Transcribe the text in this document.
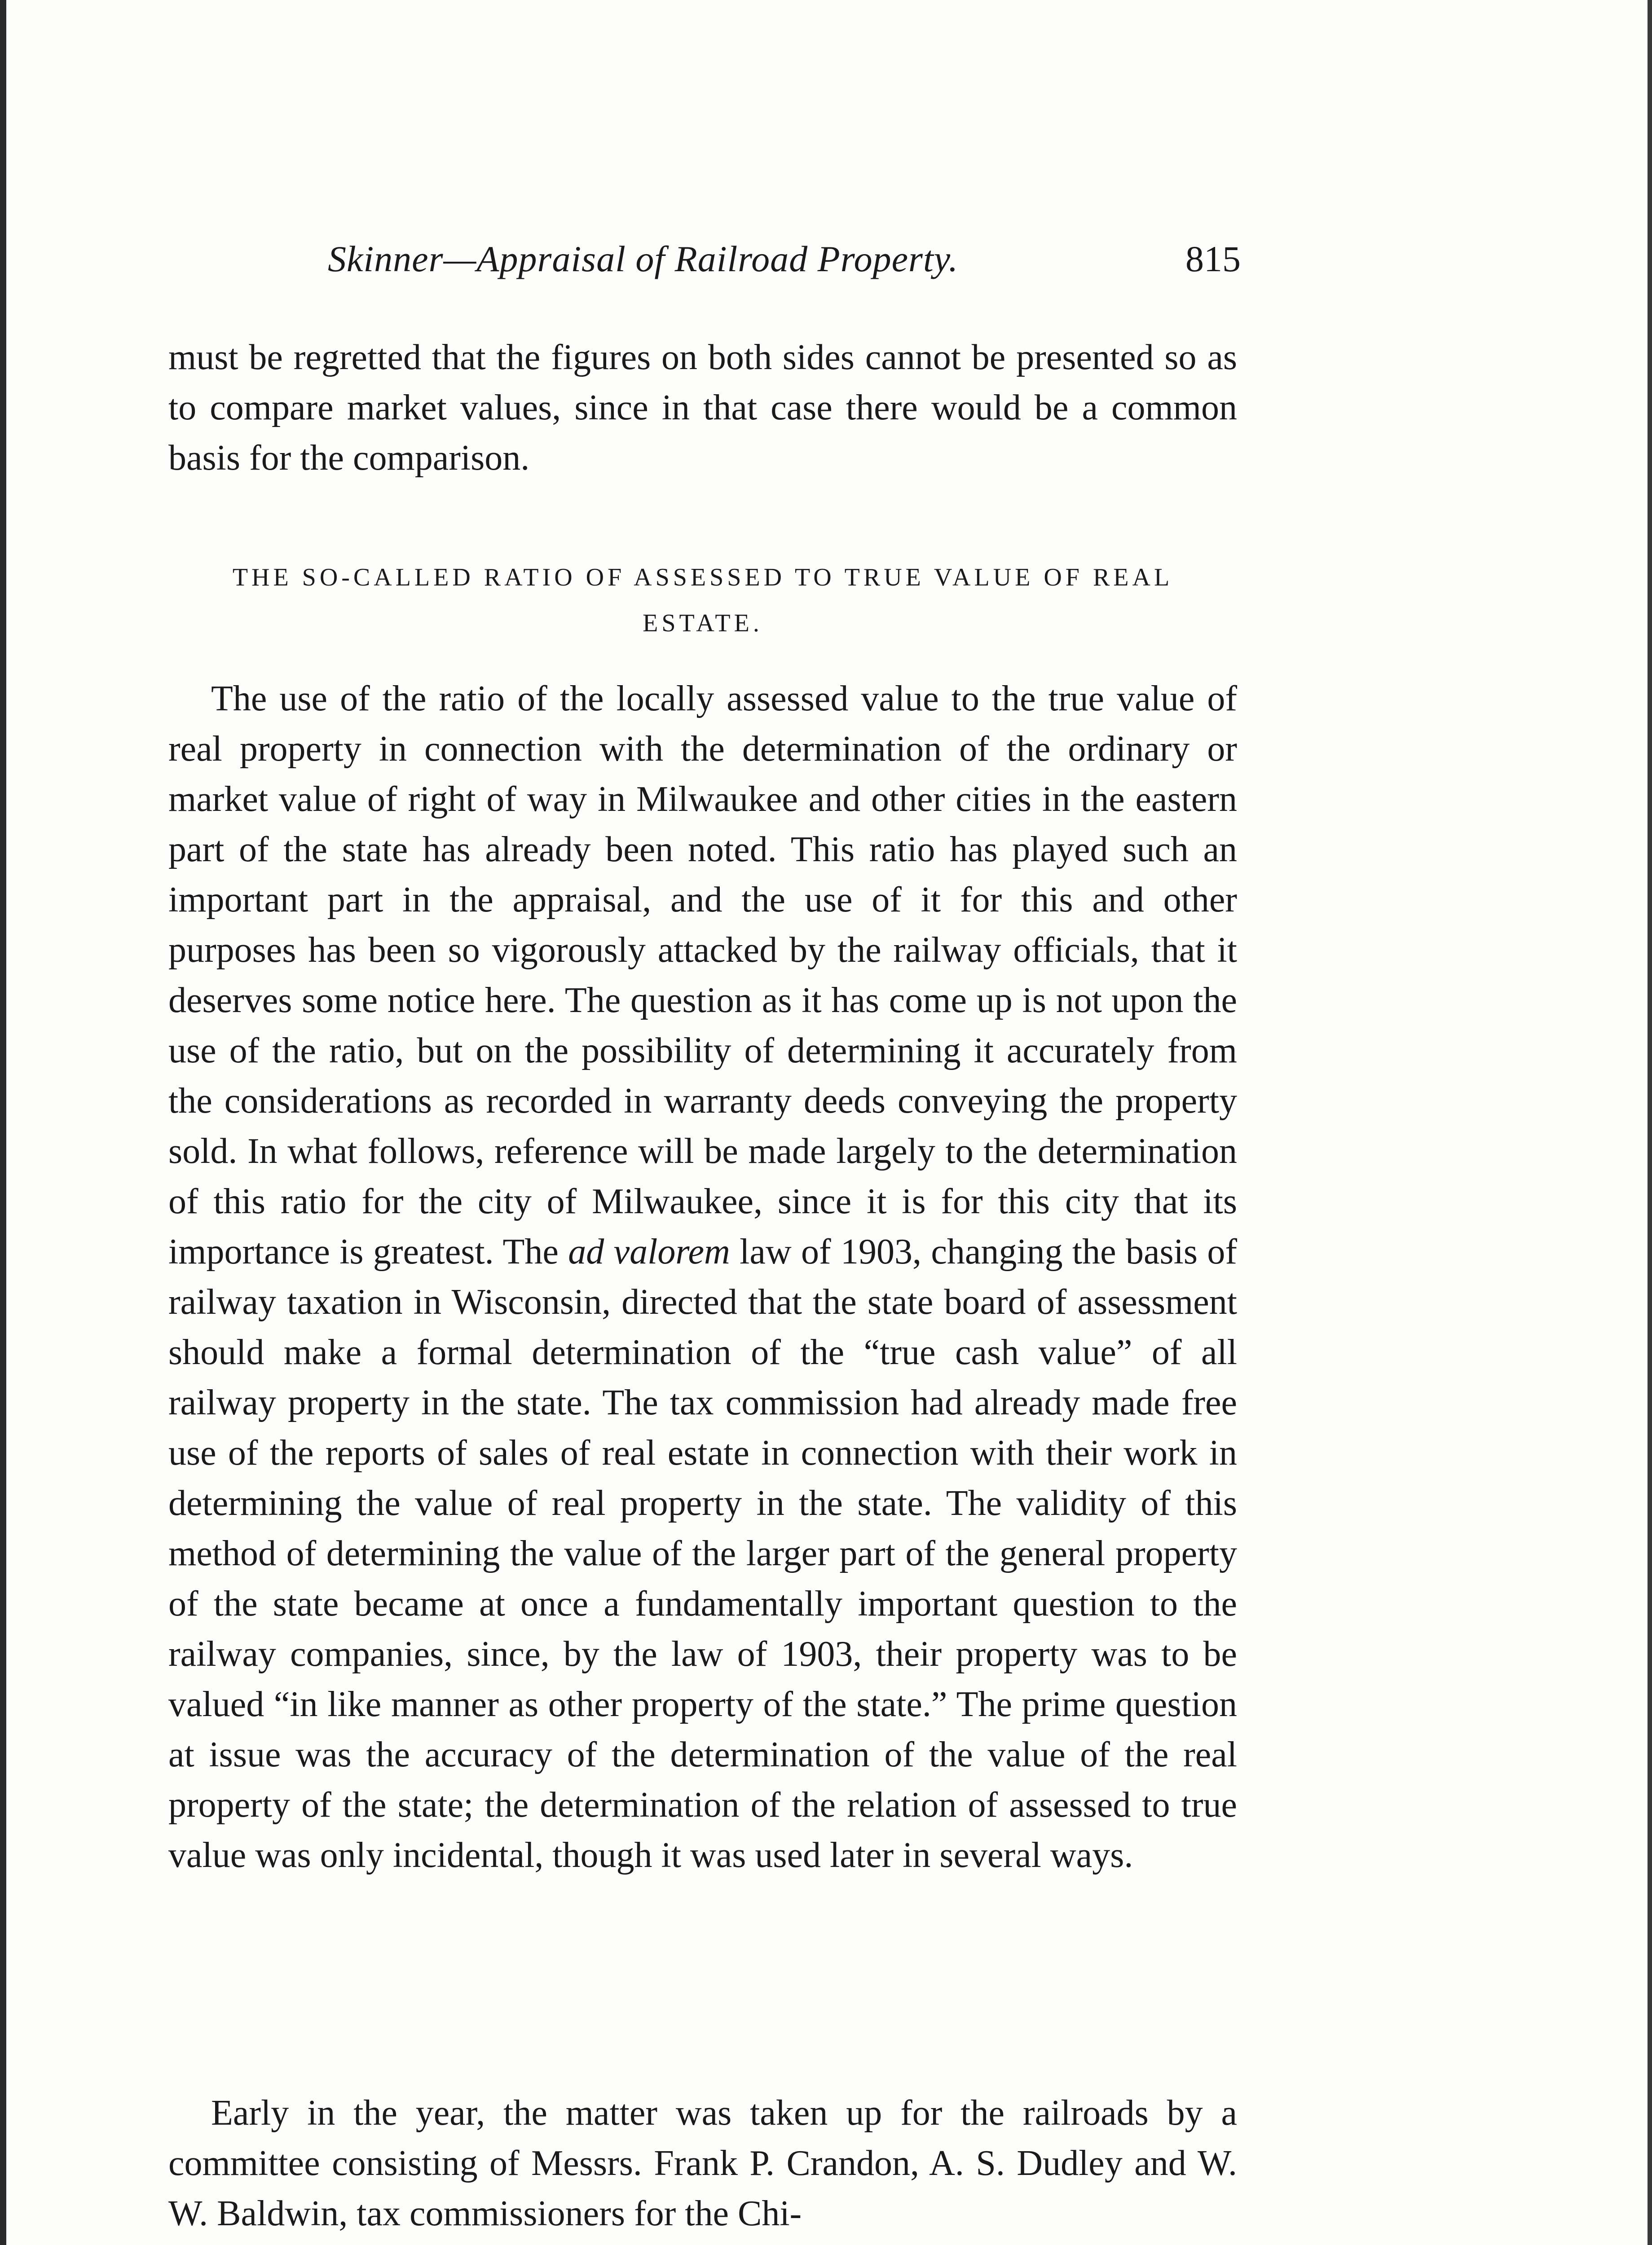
Skinner—Appraisal of Railroad Property.	815

must be regretted that the figures on both sides cannot be presented so as to compare market values, since in that case there would be a common basis for the comparison.

THE SO-CALLED RATIO OF ASSESSED TO TRUE VALUE OF REAL ESTATE.

The use of the ratio of the locally assessed value to the true value of real property in connection with the determination of the ordinary or market value of right of way in Milwaukee and other cities in the eastern part of the state has already been noted. This ratio has played such an important part in the appraisal, and the use of it for this and other purposes has been so vigorously attacked by the railway officials, that it deserves some notice here. The question as it has come up is not upon the use of the ratio, but on the possibility of determining it accurately from the considerations as recorded in warranty deeds conveying the property sold. In what follows, reference will be made largely to the determination of this ratio for the city of Milwaukee, since it is for this city that its importance is greatest. The ad valorem law of 1903, changing the basis of railway taxation in Wisconsin, directed that the state board of assessment should make a formal determination of the “true cash value” of all railway property in the state. The tax commission had already made free use of the reports of sales of real estate in connection with their work in determining the value of real property in the state. The validity of this method of determining the value of the larger part of the general property of the state became at once a fundamentally important question to the railway companies, since, by the law of 1903, their property was to be valued “in like manner as other property of the state.” The prime question at issue was the accuracy of the determination of the value of the real property of the state; the determination of the relation of assessed to true value was only incidental, though it was used later in several ways.

Early in the year, the matter was taken up for the railroads by a committee consisting of Messrs. Frank P. Crandon, A. S. Dudley and W. W. Baldwin, tax commissioners for the Chi-
